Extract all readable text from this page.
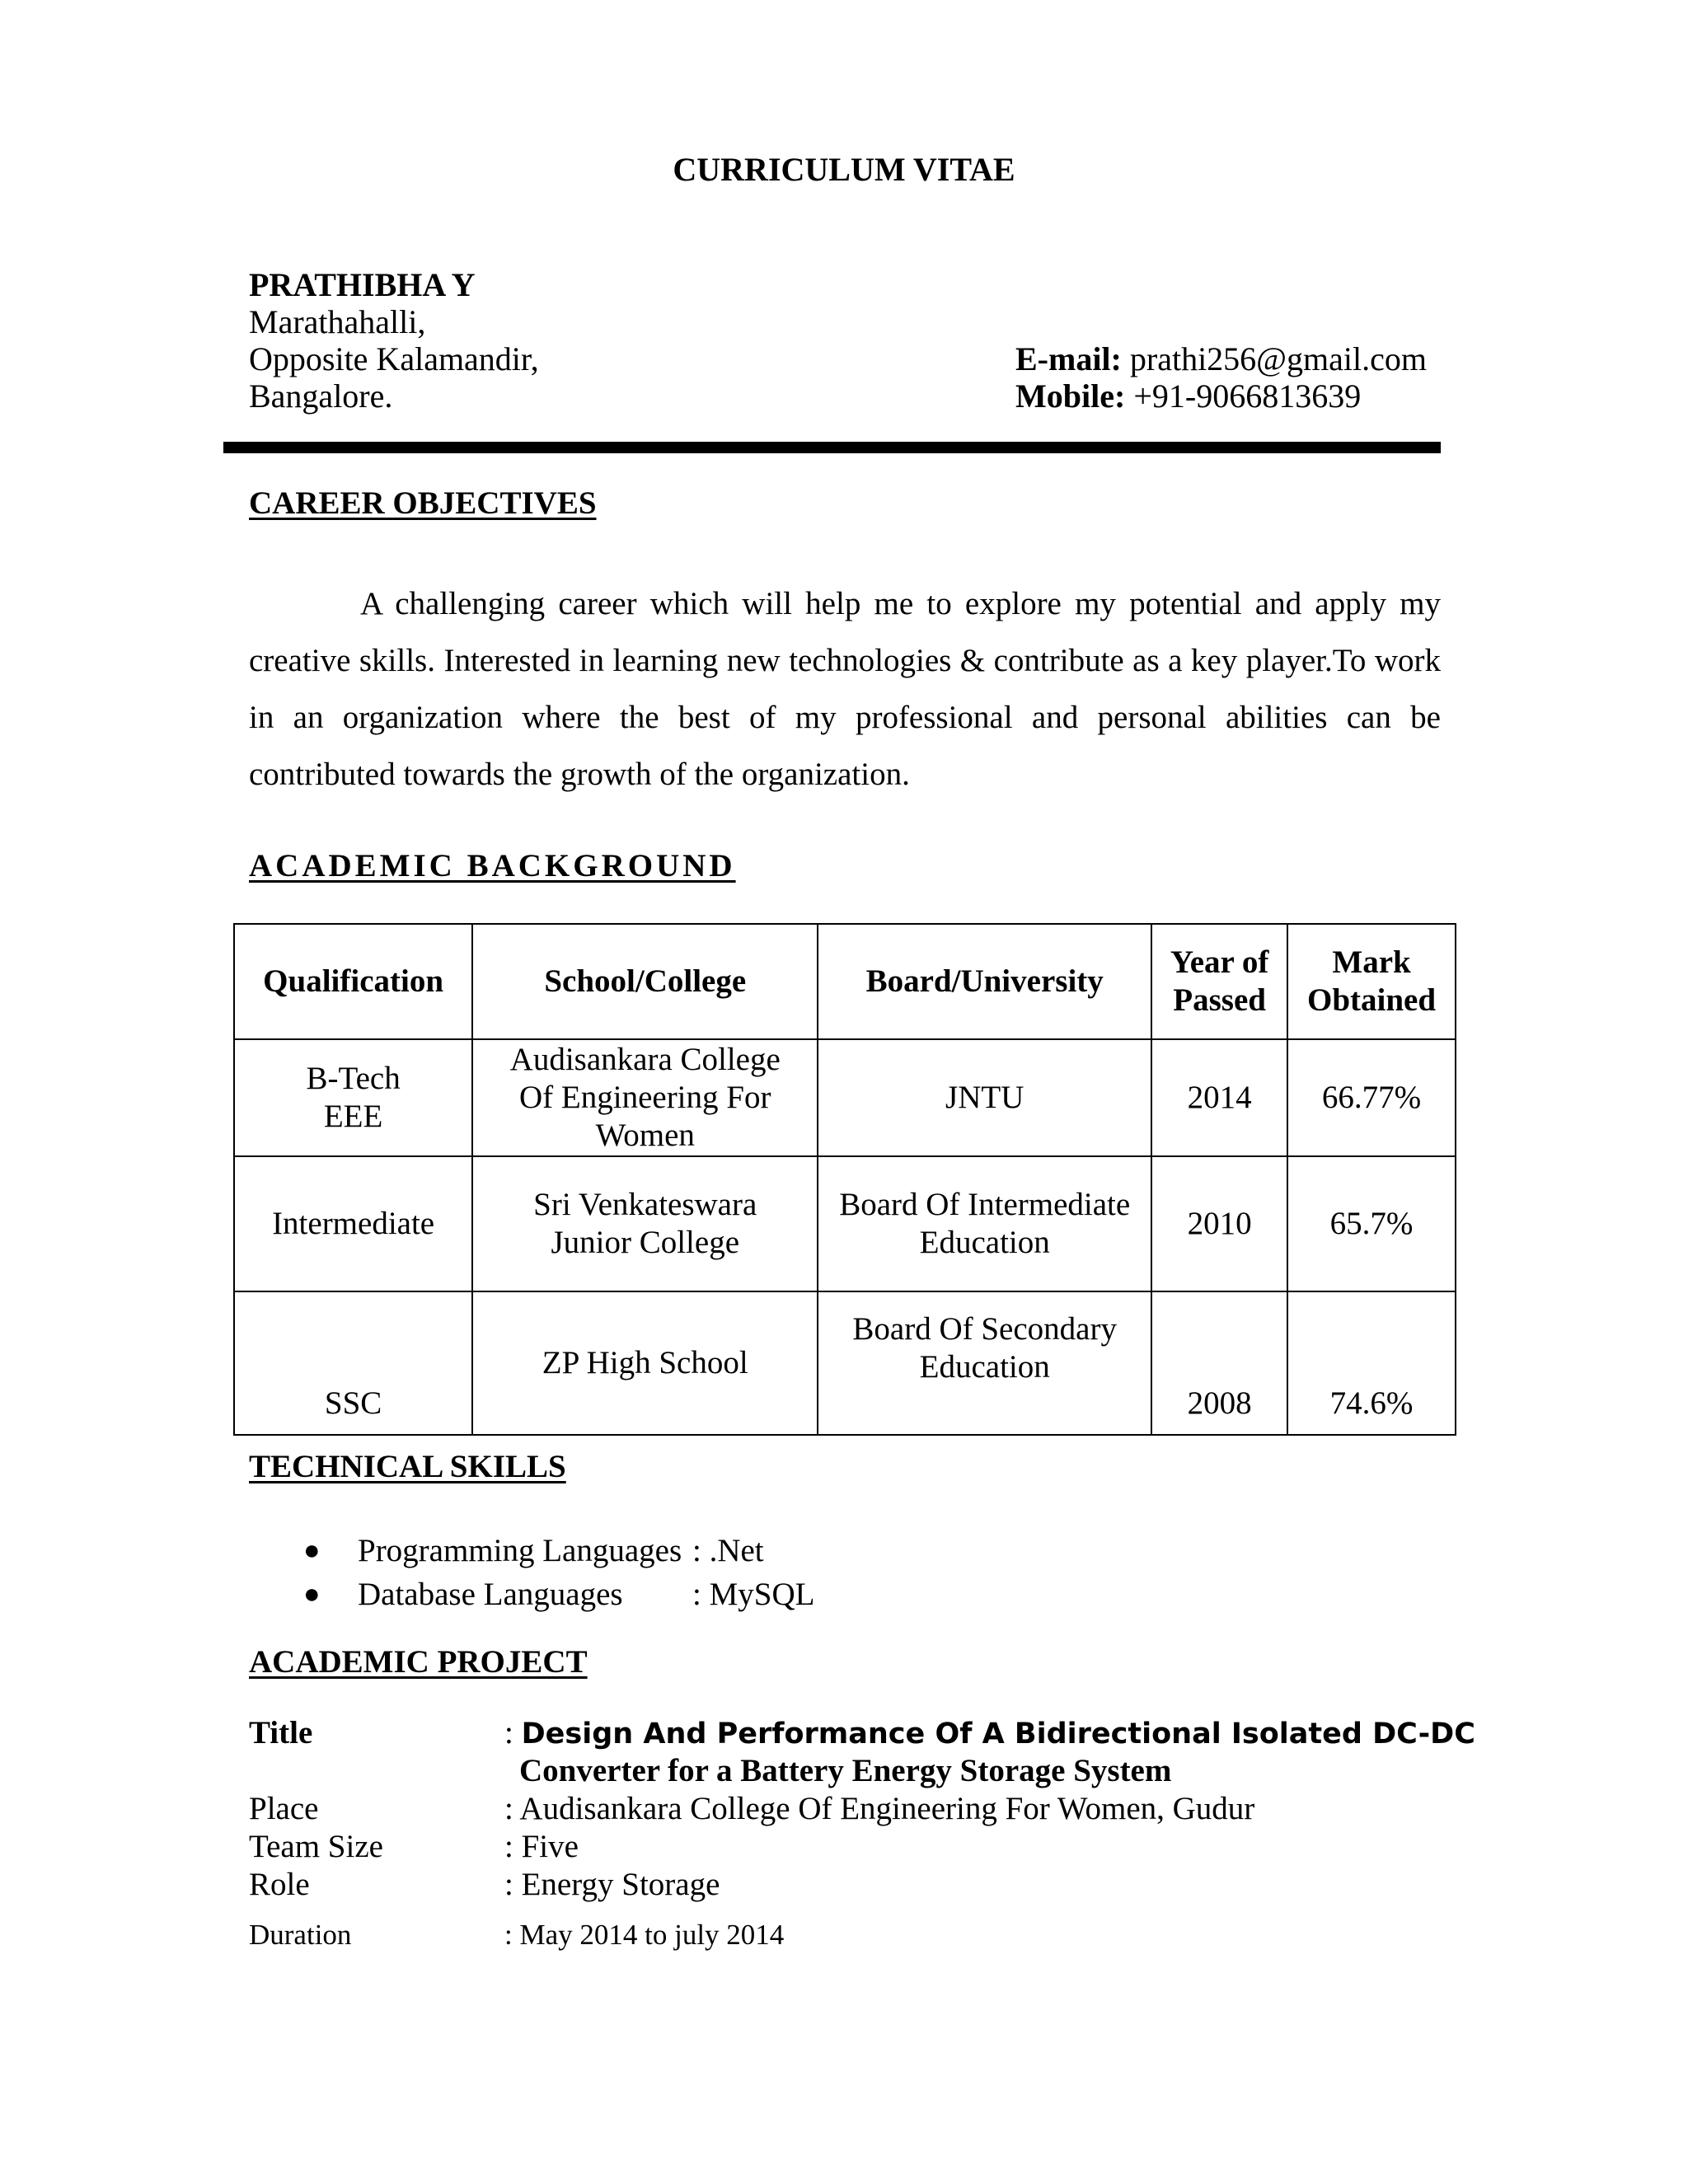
CURRICULUM VITAE
PRATHIBHA Y
Marathahalli,
Opposite Kalamandir,
Bangalore.
E-mail: prathi256@gmail.com
Mobile: +91-9066813639
CAREER OBJECTIVES
A challenging career which will help me to explore my potential and apply my creative skills. Interested in learning new technologies & contribute as a key player.To work in an organization where the best of my professional and personal abilities can be contributed towards the growth of the organization.
ACADEMIC BACKGROUND
Qualification	School/College	Board/University	Year of Passed	Mark Obtained
B-Tech EEE	Audisankara College Of Engineering For Women	JNTU	2014	66.77%
Intermediate	Sri Venkateswara Junior College	Board Of Intermediate Education	2010	65.7%
SSC	ZP High School	Board Of Secondary Education	2008	74.6%
TECHNICAL SKILLS
● Programming Languages : .Net
● Database Languages : MySQL
ACADEMIC PROJECT
Title	: Design And Performance Of A Bidirectional Isolated DC-DC
Converter for a Battery Energy Storage System
Place	: Audisankara College Of Engineering For Women, Gudur
Team Size	: Five
Role	: Energy Storage
Duration	: May 2014 to july 2014
